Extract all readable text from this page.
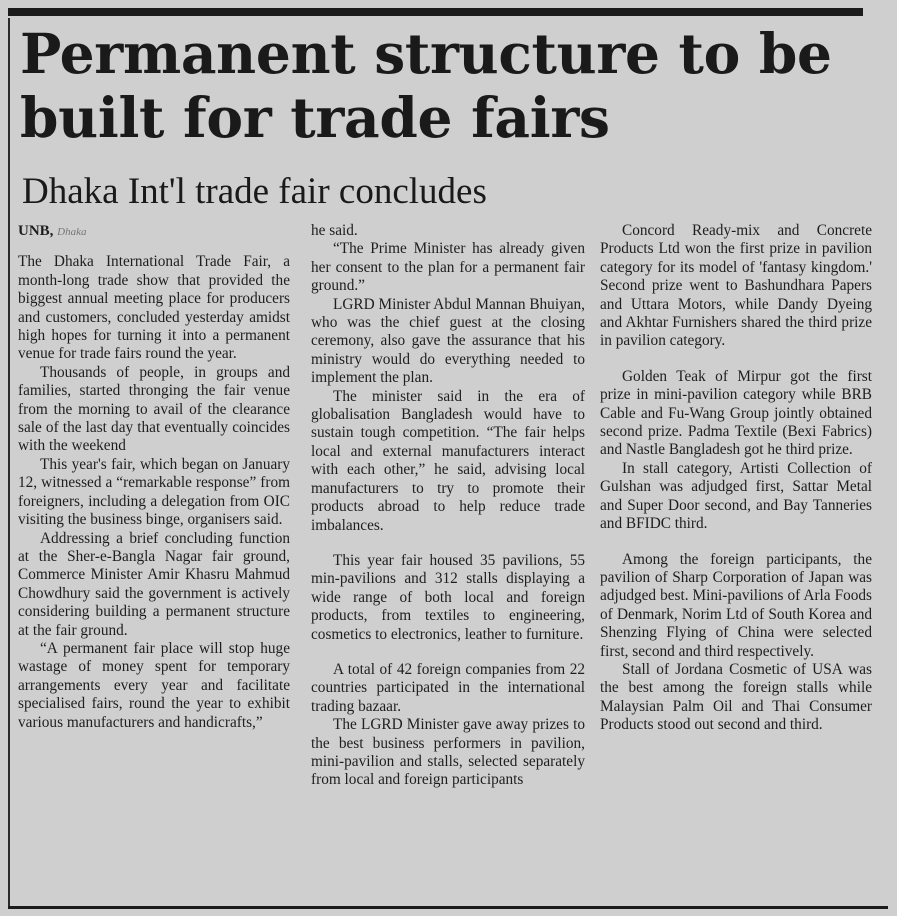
Permanent structure to be built for trade fairs
Dhaka Int'l trade fair concludes
UNB, Dhaka

The Dhaka International Trade Fair, a month-long trade show that provided the biggest annual meeting place for producers and customers, concluded yesterday amidst high hopes for turning it into a permanent venue for trade fairs round the year.

Thousands of people, in groups and families, started thronging the fair venue from the morning to avail of the clearance sale of the last day that eventually coincides with the weekend

This year's fair, which began on January 12, witnessed a “remarkable response” from foreigners, including a delegation from OIC visiting the business binge, organisers said.

Addressing a brief concluding function at the Sher-e-Bangla Nagar fair ground, Commerce Minister Amir Khasru Mahmud Chowdhury said the government is actively considering building a permanent structure at the fair ground.

“A permanent fair place will stop huge wastage of money spent for temporary arrangements every year and facilitate specialised fairs, round the year to exhibit various manufacturers and handicrafts,”

he said.

“The Prime Minister has already given her consent to the plan for a permanent fair ground.”

LGRD Minister Abdul Mannan Bhuiyan, who was the chief guest at the closing ceremony, also gave the assurance that his ministry would do everything needed to implement the plan.

The minister said in the era of globalisation Bangladesh would have to sustain tough competition. “The fair helps local and external manufacturers interact with each other,” he said, advising local manufacturers to try to promote their products abroad to help reduce trade imbalances.

This year fair housed 35 pavilions, 55 min-pavilions and 312 stalls displaying a wide range of both local and foreign products, from textiles to engineering, cosmetics to electronics, leather to furniture.

A total of 42 foreign companies from 22 countries participated in the international trading bazaar.

The LGRD Minister gave away prizes to the best business performers in pavilion, mini-pavilion and stalls, selected separately from local and foreign participants

Concord Ready-mix and Concrete Products Ltd won the first prize in pavilion category for its model of 'fantasy kingdom.' Second prize went to Bashundhara Papers and Uttara Motors, while Dandy Dyeing and Akhtar Furnishers shared the third prize in pavilion category.

Golden Teak of Mirpur got the first prize in mini-pavilion category while BRB Cable and Fu-Wang Group jointly obtained second prize. Padma Textile (Bexi Fabrics) and Nastle Bangladesh got he third prize.

In stall category, Artisti Collection of Gulshan was adjudged first, Sattar Metal and Super Door second, and Bay Tanneries and BFIDC third.

Among the foreign participants, the pavilion of Sharp Corporation of Japan was adjudged best. Mini-pavilions of Arla Foods of Denmark, Norim Ltd of South Korea and Shenzing Flying of China were selected first, second and third respectively.

Stall of Jordana Cosmetic of USA was the best among the foreign stalls while Malaysian Palm Oil and Thai Consumer Products stood out second and third.
